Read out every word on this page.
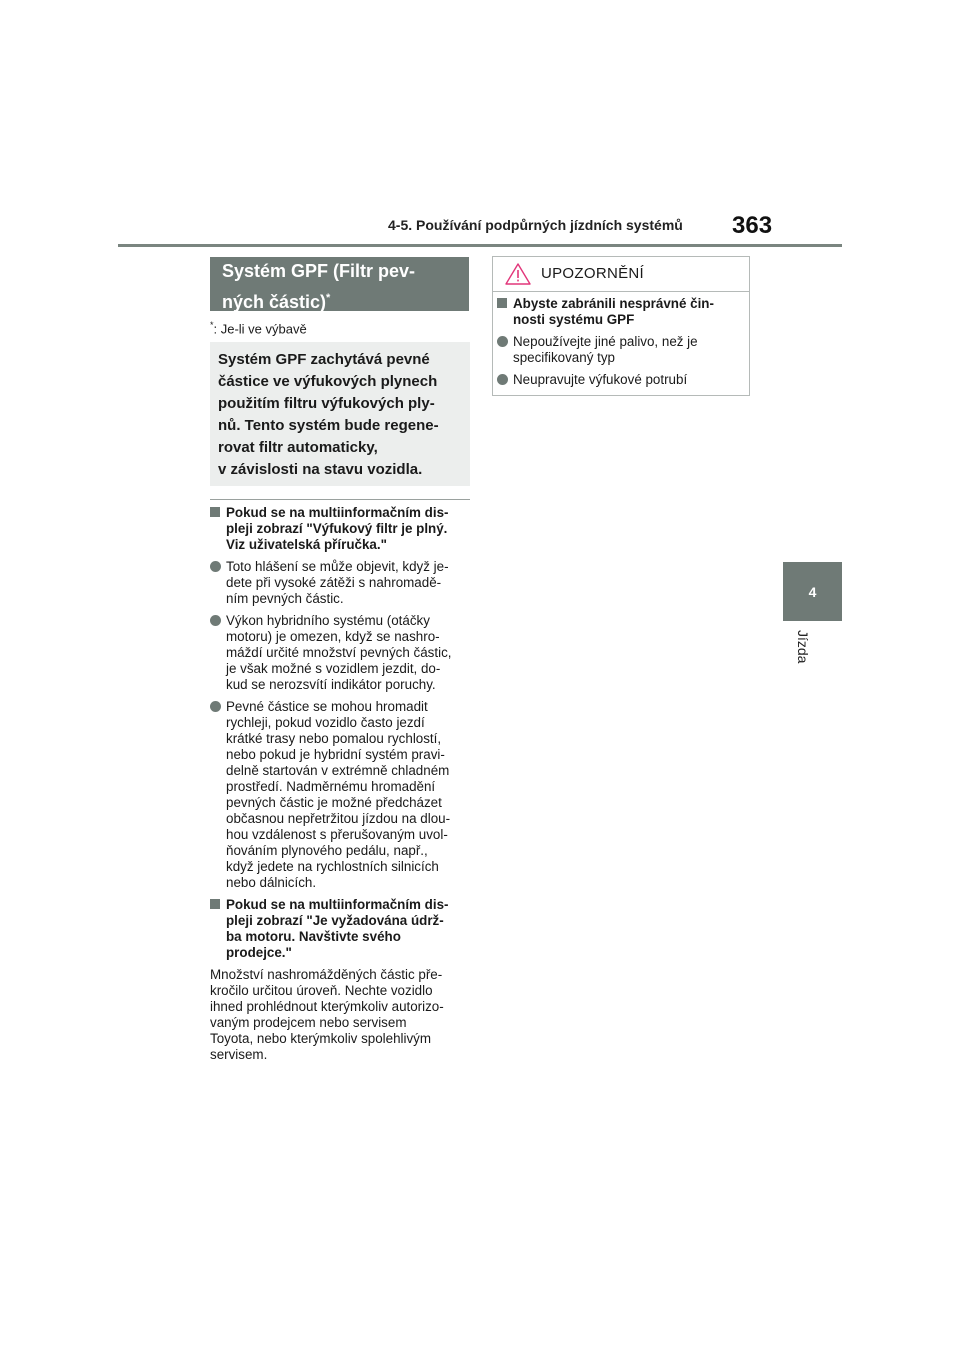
4-5. Používání podpůrných jízdních systémů	363
4
Jízda
Systém GPF (Filtr pev-
ných částic)*
*: Je-li ve výbavě
Systém GPF zachytává pevné
částice ve výfukových plynech
použitím filtru výfukových ply-
nů. Tento systém bude regene-
rovat filtr automaticky,
v závislosti na stavu vozidla.
Pokud se na multiinformačním dis-
pleji zobrazí "Výfukový filtr je plný.
Viz uživatelská příručka."
Toto hlášení se může objevit, když je-
dete při vysoké zátěži s nahromadě-
ním pevných částic.
Výkon hybridního systému (otáčky
motoru) je omezen, když se nashro-
máždí určité množství pevných částic,
je však možné s vozidlem jezdit, do-
kud se nerozsvítí indikátor poruchy.
Pevné částice se mohou hromadit
rychleji, pokud vozidlo často jezdí
krátké trasy nebo pomalou rychlostí,
nebo pokud je hybridní systém pravi-
delně startován v extrémně chladném
prostředí. Nadměrnému hromadění
pevných částic je možné předcházet
občasnou nepřetržitou jízdou na dlou-
hou vzdálenost s přerušovaným uvol-
ňováním plynového pedálu, např.,
když jedete na rychlostních silnicích
nebo dálnicích.
Pokud se na multiinformačním dis-
pleji zobrazí "Je vyžadována údrž-
ba motoru. Navštivte svého
prodejce."
Množství nashromážděných částic pře-
kročilo určitou úroveň. Nechte vozidlo
ihned prohlédnout kterýmkoliv autorizo-
vaným prodejcem nebo servisem
Toyota, nebo kterýmkoliv spolehlivým
servisem.
UPOZORNĚNÍ
Abyste zabránili nesprávné čin-
nosti systému GPF
Nepoužívejte jiné palivo, než je
specifikovaný typ
Neupravujte výfukové potrubí
